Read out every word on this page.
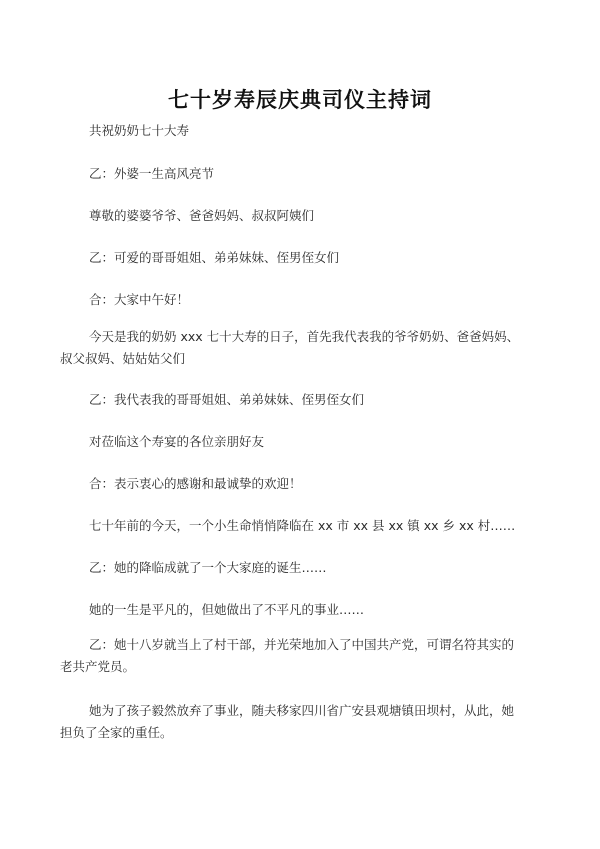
七十岁寿辰庆典司仪主持词
共祝奶奶七十大寿
乙：外婆一生高风亮节
尊敬的婆婆爷爷、爸爸妈妈、叔叔阿姨们
乙：可爱的哥哥姐姐、弟弟妹妹、侄男侄女们
合：大家中午好！
今天是我的奶奶 xxx 七十大寿的日子，首先我代表我的爷爷奶奶、爸爸妈妈、叔父叔妈、姑姑姑父们
乙：我代表我的哥哥姐姐、弟弟妹妹、侄男侄女们
对莅临这个寿宴的各位亲朋好友
合：表示衷心的感谢和最诚挚的欢迎！
七十年前的今天，一个小生命悄悄降临在 xx 市 xx 县 xx 镇 xx 乡 xx 村……
乙：她的降临成就了一个大家庭的诞生……
她的一生是平凡的，但她做出了不平凡的事业……
乙：她十八岁就当上了村干部，并光荣地加入了中国共产党，可谓名符其实的老共产党员。
她为了孩子毅然放弃了事业，随夫移家四川省广安县观塘镇田坝村，从此，她担负了全家的重任。
